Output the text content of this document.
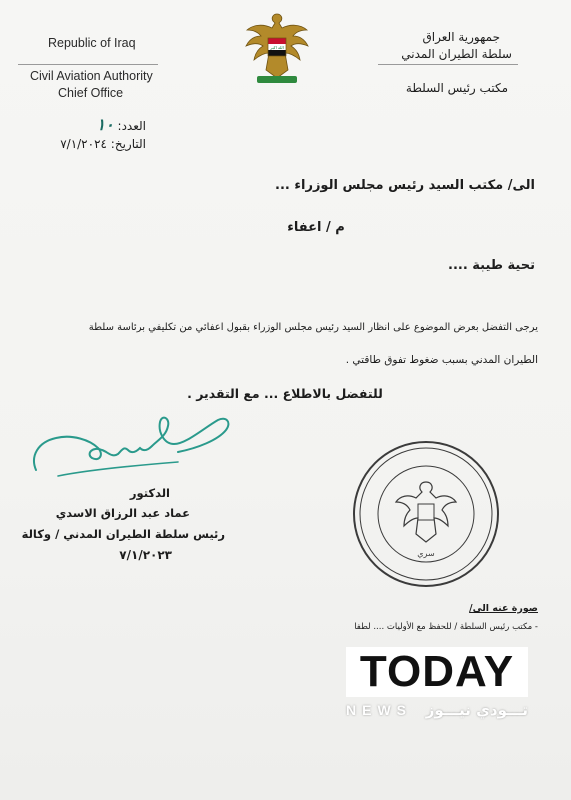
Republic of Iraq
Civil Aviation Authority
Chief Office
الله اكبر
جمهورية العراق
سلطة الطيران المدني
مكتب رئيس السلطة
العدد: ١٠
التاريخ: ٧/١/٢٠٢٤
الى/ مكتب السيد رئيس مجلس الوزراء ...
م / اعفاء
تحية طيبة ....
يرجى التفضل بعرض الموضوع على انظار السيد رئيس مجلس الوزراء بقبول اعفائي من تكليفي برئاسة سلطة
الطيران المدني بسبب ضغوط تفوق طاقتي .
للتفضل بالاطلاع ... مع التقدير .
الدكتور
عماد عبد الرزاق الاسدي
رئيس سلطة الطيران المدني / وكالة
٧/١/٢٠٢٣	سري
صورة عنه الى/
- مكتب رئيس السلطة / للحفظ مع الأوليات .... لطفا
TODAY
NEWS تـــودي نيـــوز
